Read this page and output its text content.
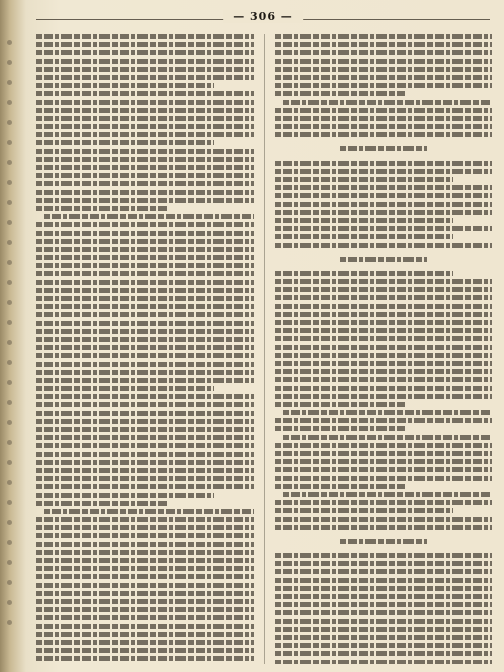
— 306 —
